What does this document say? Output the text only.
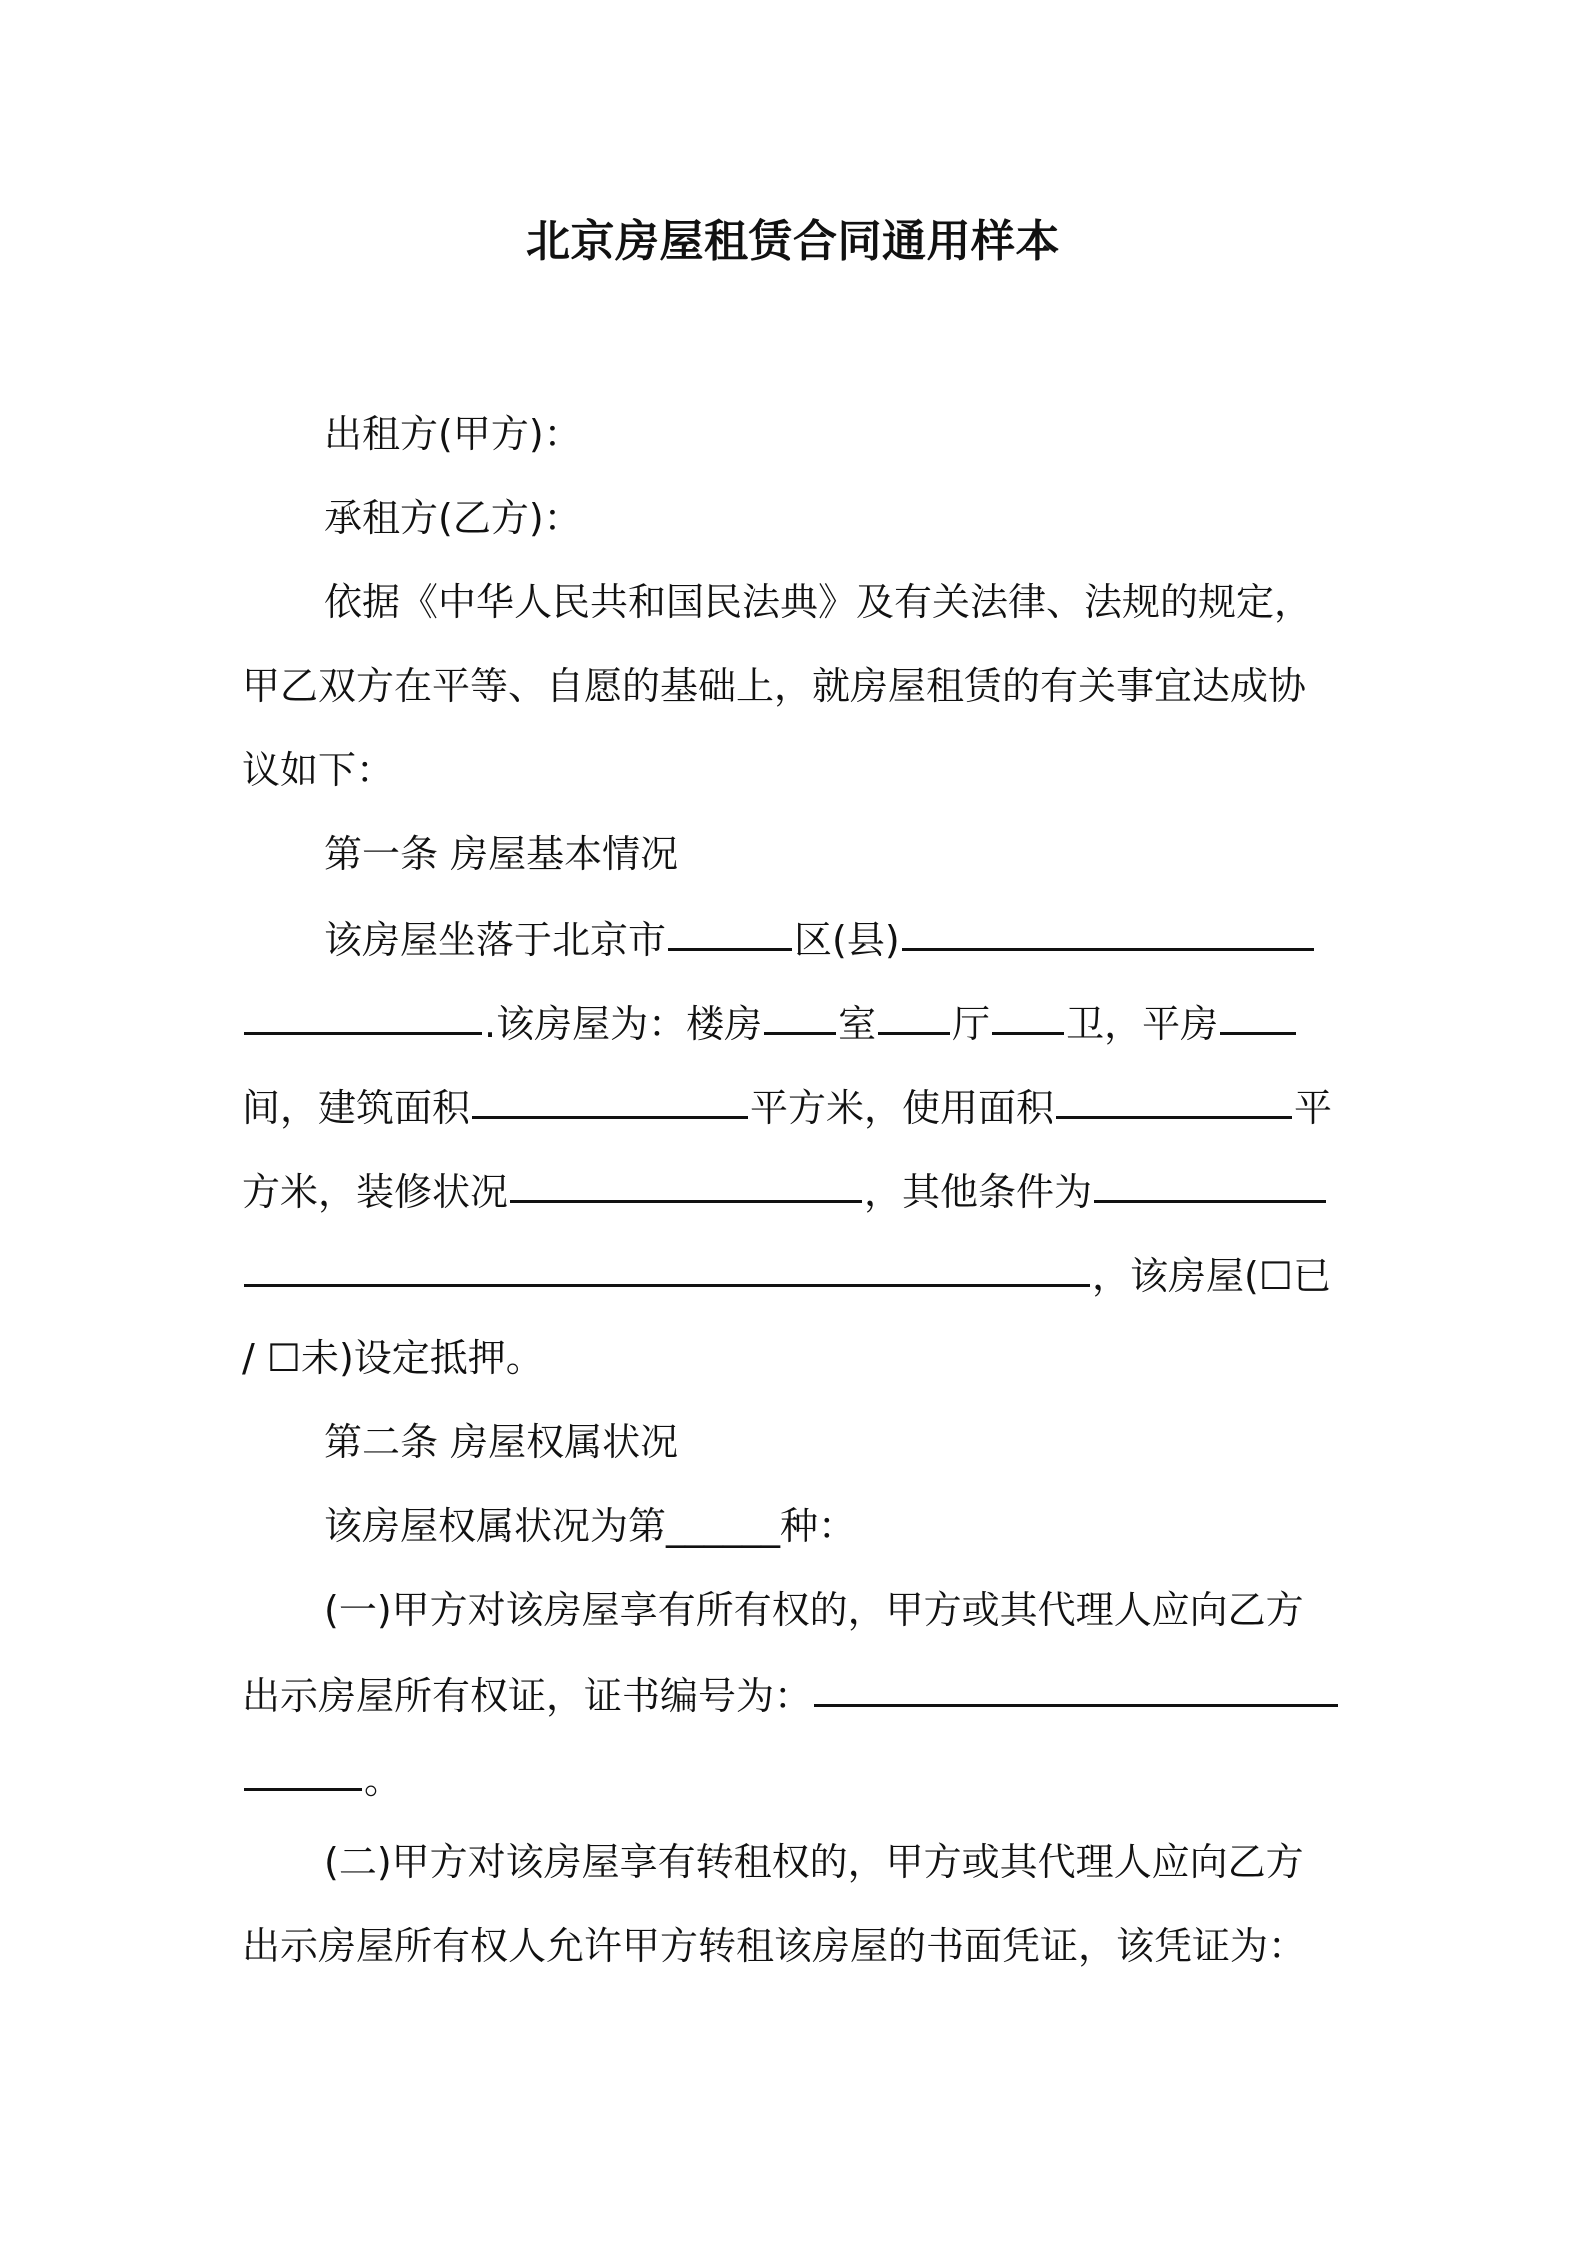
北京房屋租赁合同通用样本
出租方(甲方)：
承租方(乙方)：
依据《中华人民共和国民法典》及有关法律、法规的规定，
甲乙双方在平等、自愿的基础上，就房屋租赁的有关事宜达成协
议如下：
第一条 房屋基本情况
该房屋坐落于北京市	区(县)
.该房屋为：楼房 室 厅 卫，平房
间，建筑面积	平方米，使用面积	平
方米，装修状况	，其他条件为
，该房屋(☐已
/ ☐未)设定抵押。
第二条 房屋权属状况
该房屋权属状况为第______种：
(一)甲方对该房屋享有所有权的，甲方或其代理人应向乙方
出示房屋所有权证，证书编号为：
。
(二)甲方对该房屋享有转租权的，甲方或其代理人应向乙方
出示房屋所有权人允许甲方转租该房屋的书面凭证，该凭证为：
